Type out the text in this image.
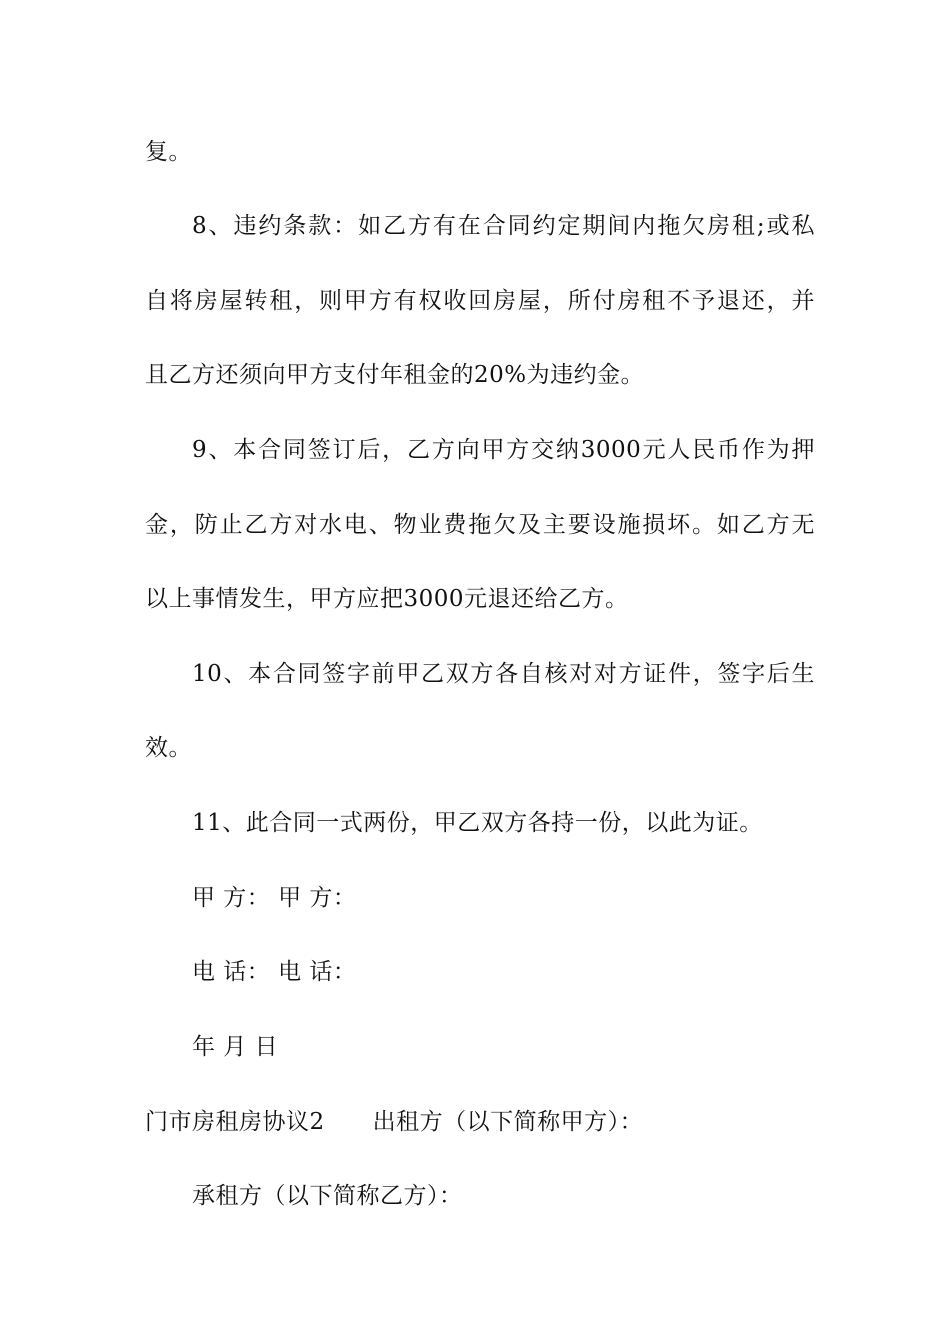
复。
8、违约条款：如乙方有在合同约定期间内拖欠房租;或私
自将房屋转租，则甲方有权收回房屋，所付房租不予退还，并
且乙方还须向甲方支付年租金的20%为违约金。
9、本合同签订后，乙方向甲方交纳3000元人民币作为押
金，防止乙方对水电、物业费拖欠及主要设施损坏。如乙方无
以上事情发生，甲方应把3000元退还给乙方。
10、本合同签字前甲乙双方各自核对对方证件，签字后生
效。
11、此合同一式两份，甲乙双方各持一份，以此为证。
甲 方： 甲 方：
电 话： 电 话：
年 月 日
门市房租房协议2 出租方（以下简称甲方）：
承租方（以下简称乙方）：
